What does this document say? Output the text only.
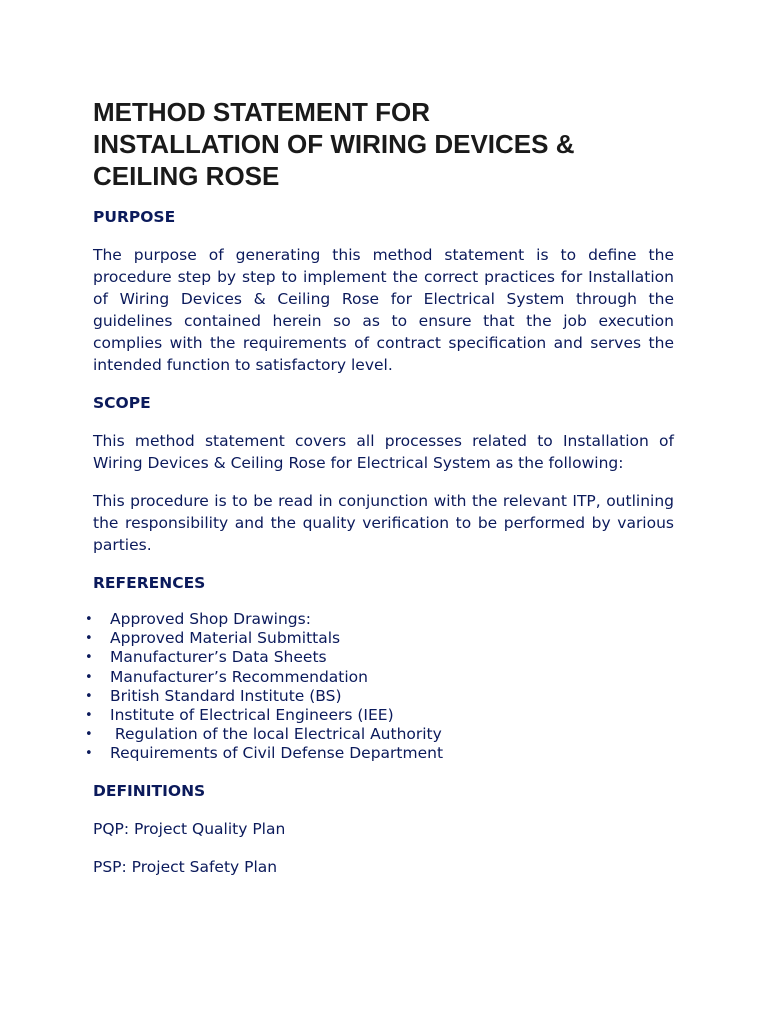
METHOD STATEMENT FOR
INSTALLATION OF WIRING DEVICES &
CEILING ROSE
PURPOSE

The purpose of generating this method statement is to define the procedure step by step to implement the correct practices for Installation of Wiring Devices & Ceiling Rose for Electrical System through the guidelines contained herein so as to ensure that the job execution complies with the requirements of contract specification and serves the intended function to satisfactory level.

SCOPE

This method statement covers all processes related to Installation of Wiring Devices & Ceiling Rose for Electrical System as the following:

This procedure is to be read in conjunction with the relevant ITP, outlining the responsibility and the quality verification to be performed by various parties.

REFERENCES
• Approved Shop Drawings:
• Approved Material Submittals
• Manufacturer’s Data Sheets
• Manufacturer’s Recommendation
• British Standard Institute (BS)
• Institute of Electrical Engineers (IEE)
• Regulation of the local Electrical Authority
• Requirements of Civil Defense Department
DEFINITIONS

PQP: Project Quality Plan

PSP: Project Safety Plan
